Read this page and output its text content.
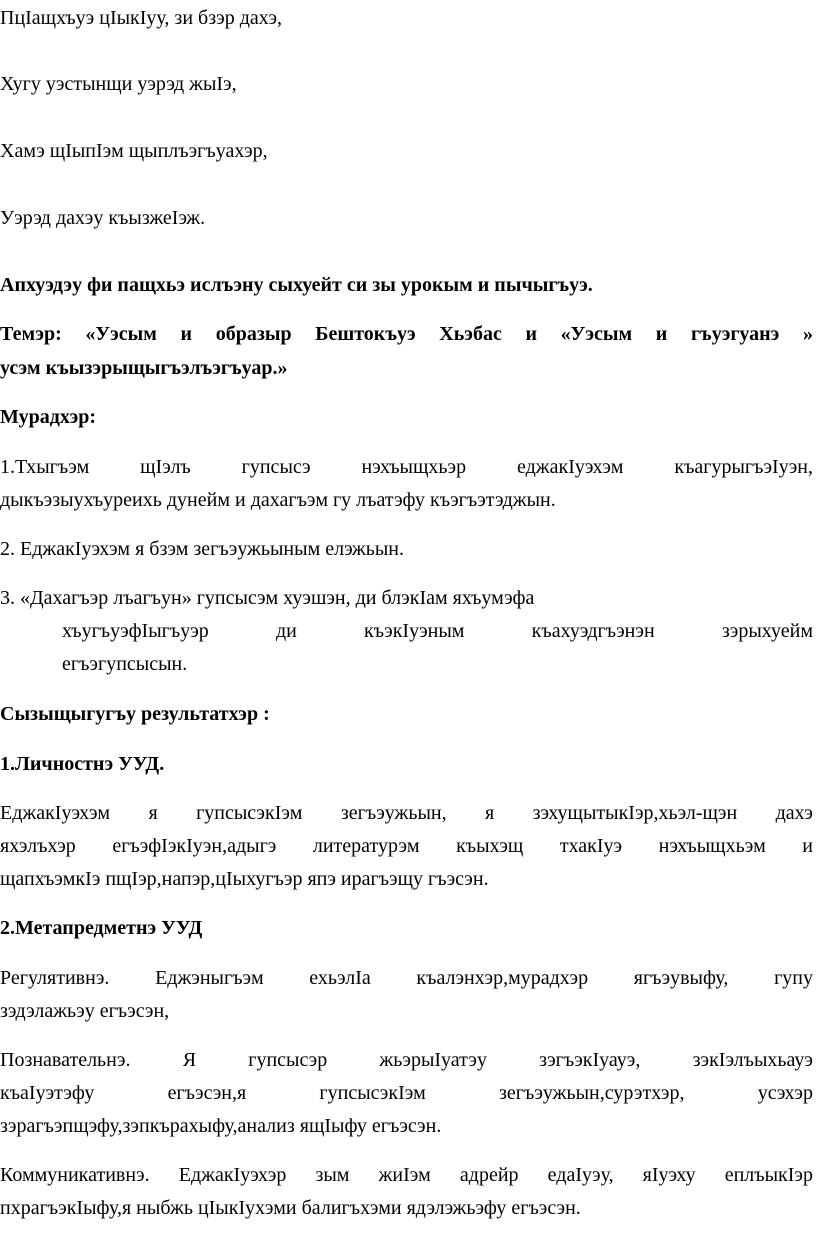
ПцІащхъуэ цІыкІуу, зи бзэр дахэ,
Хугу уэстынщи уэрэд жыІэ,
Хамэ щІыпІэм щыплъэгъуахэр,
Уэрэд дахэу къызжеІэж.
Апхуэдэу фи пащхьэ ислъэну сыхуейт си зы урокым и пычыгъуэ.
Темэр: «Уэсым и образыр Бештокъуэ Хьэбас и «Уэсым и гъуэгуанэ »
усэм къызэрыщыгъэлъэгъуар.»
Мурадхэр:
1.Тхыгъэм щІэлъ гупсысэ нэхъыщхьэр еджакІуэхэм къагурыгъэІуэн,
дыкъэзыухъуреихь дунейм и дахагъэм гу лъатэфу къэгъэтэджын.
2. ЕджакІуэхэм я бзэм зегъэужьыным елэжьын.
3. «Дахагъэр лъагъун» гупсысэм хуэшэн, ди блэкІам яхъумэфа
хъугъуэфІыгъуэр ди къэкІуэным къахуэдгъэнэн зэрыхуейм
егъэгупсысын.
Сызыщыгугъу результатхэр :
1.Личностнэ УУД.
ЕджакІуэхэм я гупсысэкІэм зегъэужьын, я зэхущытыкІэр,хьэл-щэн дахэ
яхэлъхэр егъэфІэкІуэн,адыгэ литературэм къыхэщ тхакІуэ нэхъыщхьэм и
щапхъэмкІэ пщІэр,напэр,цІыхугъэр япэ ирагъэщу гъэсэн.
2.Метапредметнэ УУД
Регулятивнэ. Еджэныгъэм ехьэлІа къалэнхэр,мурадхэр ягъэувыфу, гупу
зэдэлажьэу егъэсэн,
Познавательнэ. Я гупсысэр жьэрыІуатэу зэгъэкІуауэ, зэкІэлъыхьауэ
къаІуэтэфу егъэсэн,я гупсысэкІэм зегъэужьын,сурэтхэр, усэхэр
зэрагъэпщэфу,зэпкърахыфу,анализ ящІыфу егъэсэн.
Коммуникативнэ. ЕджакІуэхэр зым жиІэм адрейр едаІуэу, яІуэху еплъыкІэр
пхрагъэкІыфу,я ныбжь цІыкІухэми балигъхэми ядэлэжьэфу егъэсэн.
